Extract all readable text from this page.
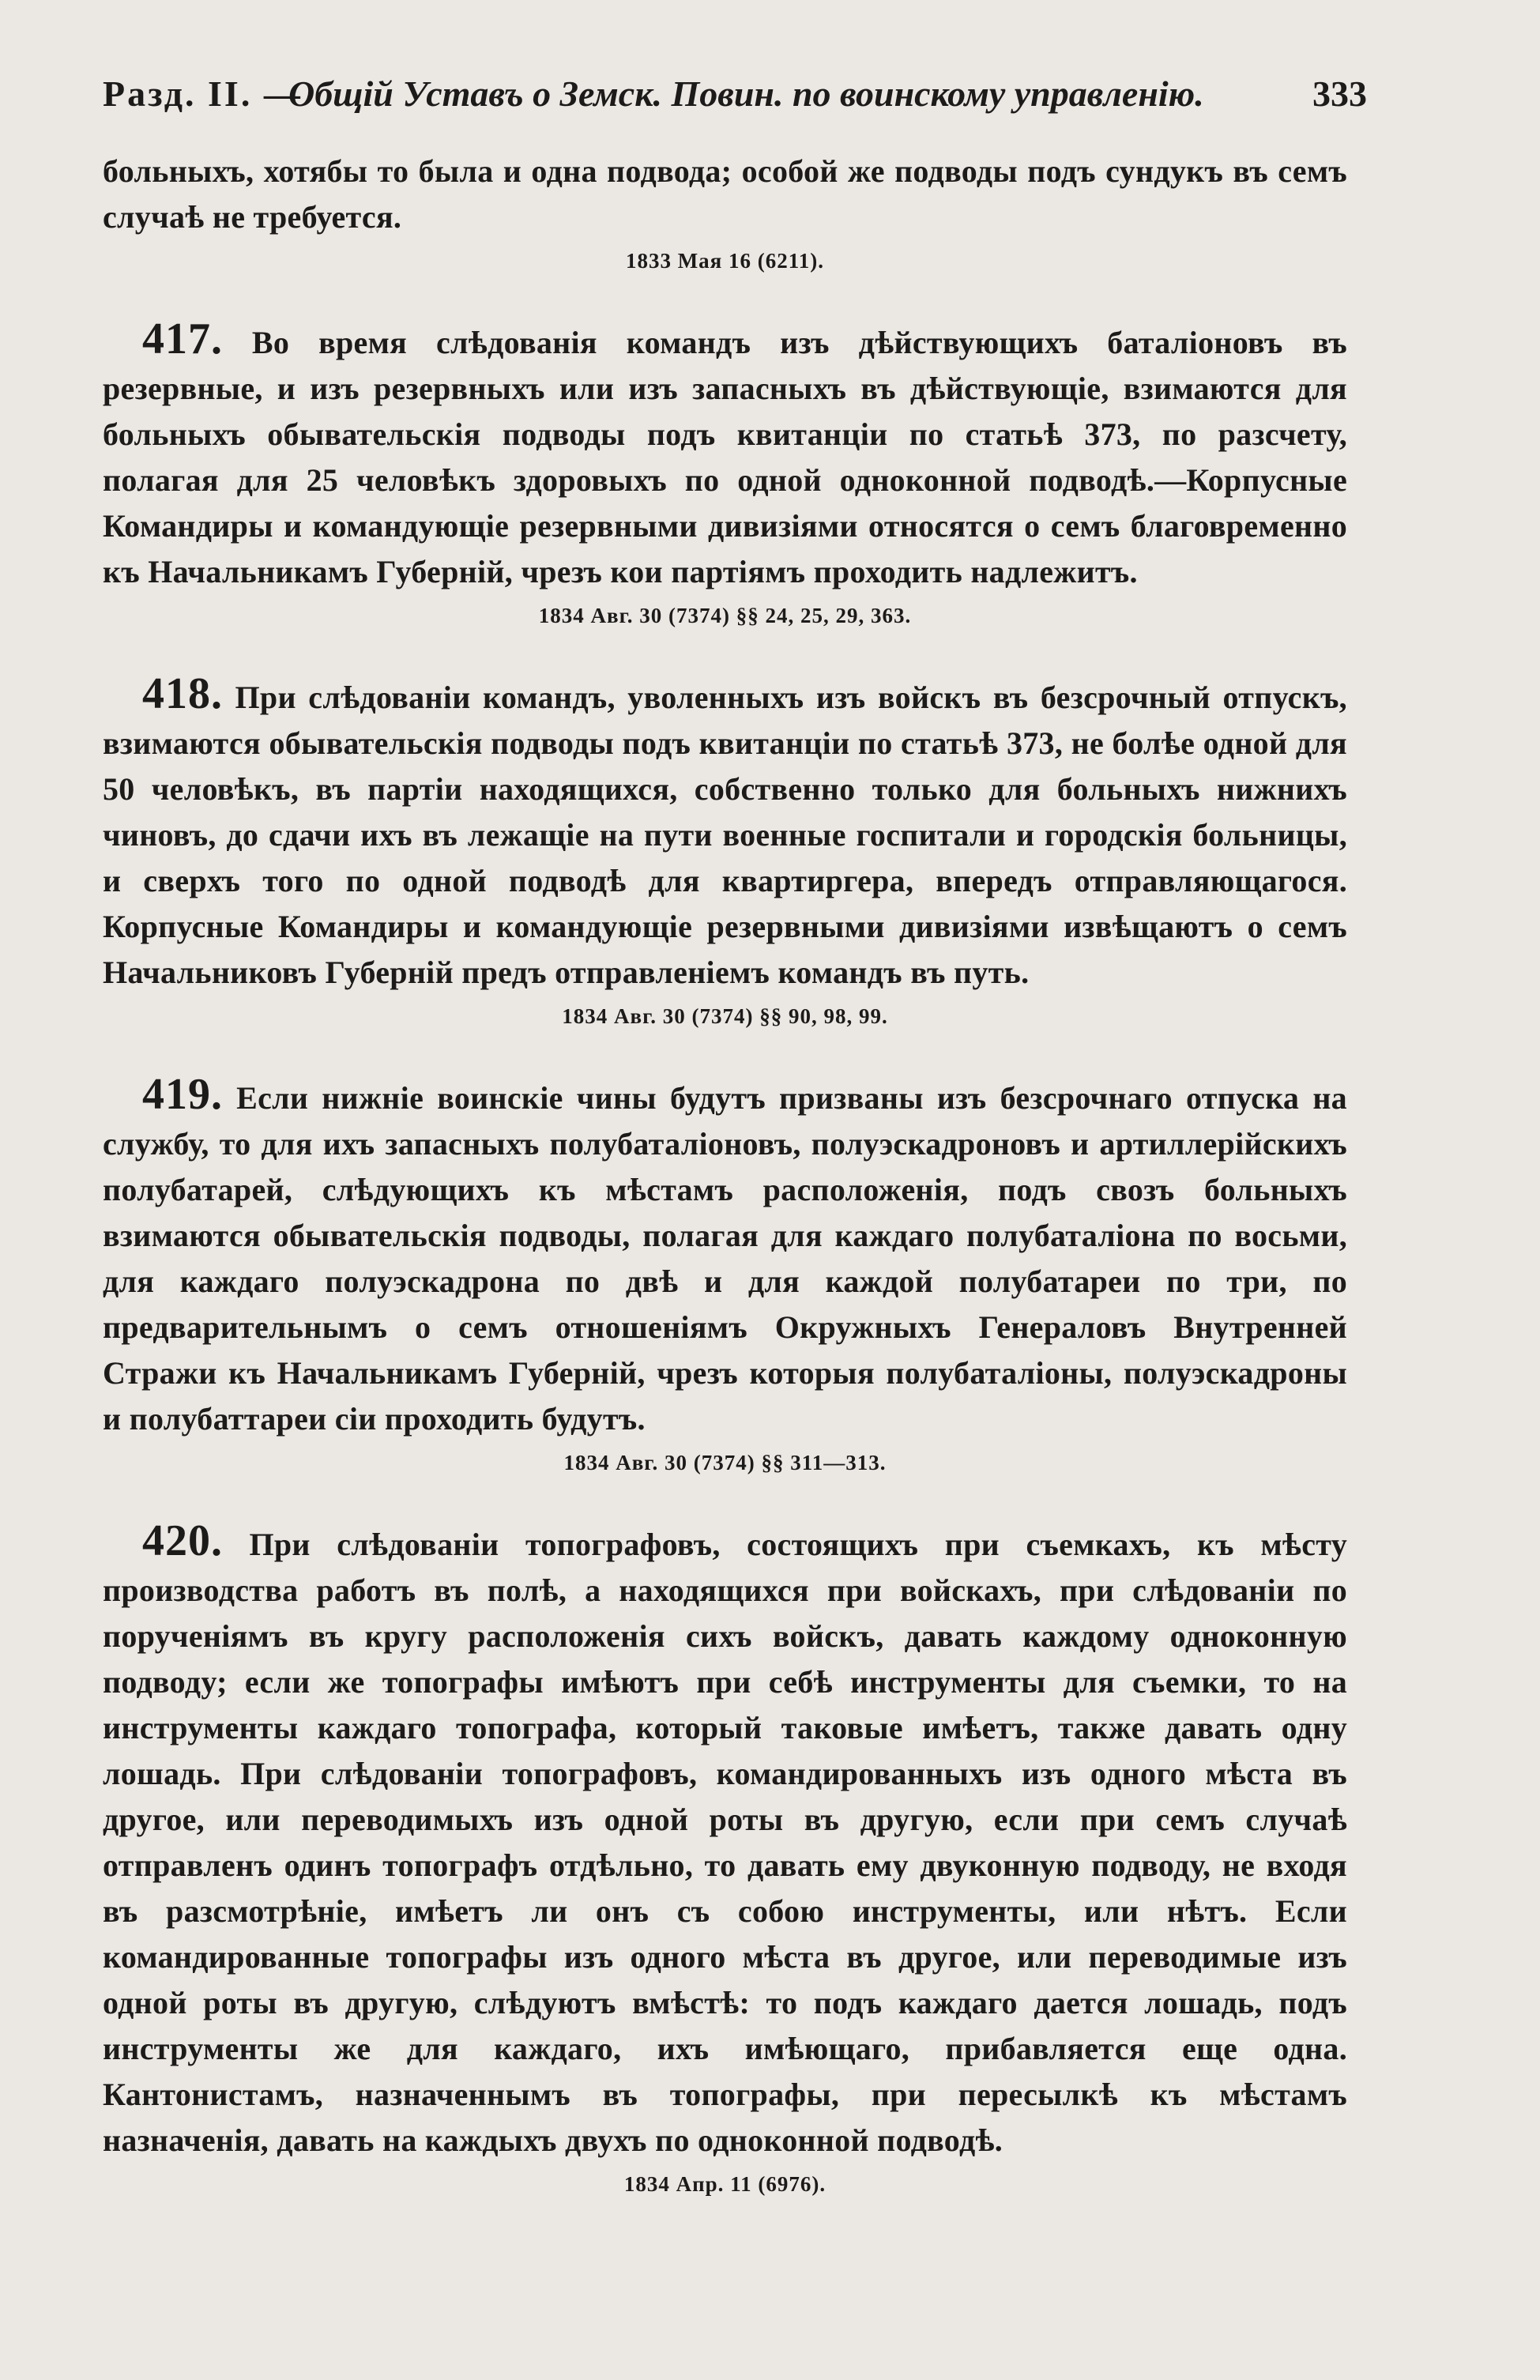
Разд. II. —
Общій Уставъ о Земск. Повин. по воинскому управленію.	333

больныхъ, хотябы то была и одна подвода; особой же подводы подъ сундукъ въ семъ случаѣ не требуется.

1833 Мая 16 (6211).

417. Во время слѣдованія командъ изъ дѣйствующихъ баталіоновъ въ резервные, и изъ резервныхъ или изъ запасныхъ въ дѣйствующіе, взимаются для больныхъ обывательскія подводы подъ квитанціи по статьѣ 373, по разсчету, полагая для 25 человѣкъ здоровыхъ по одной одноконной подводѣ.—Корпусные Командиры и командующіе резервными дивизіями относятся о семъ благовременно къ Начальникамъ Губерній, чрезъ кои партіямъ проходить надлежитъ.

1834 Авг. 30 (7374) §§ 24, 25, 29, 363.

418. При слѣдованіи командъ, уволенныхъ изъ войскъ въ безсрочный отпускъ, взимаются обывательскія подводы подъ квитанціи по статьѣ 373, не болѣе одной для 50 человѣкъ, въ партіи находящихся, собственно только для больныхъ нижнихъ чиновъ, до сдачи ихъ въ лежащіе на пути военные госпитали и городскія больницы, и сверхъ того по одной подводѣ для квартиргера, впередъ отправляющагося. Корпусные Командиры и командующіе резервными дивизіями извѣщаютъ о семъ Начальниковъ Губерній предъ отправленіемъ командъ въ путь.

1834 Авг. 30 (7374) §§ 90, 98, 99.

419. Если нижніе воинскіе чины будутъ призваны изъ безсрочнаго отпуска на службу, то для ихъ запасныхъ полубаталіоновъ, полуэскадроновъ и артиллерійскихъ полубатарей, слѣдующихъ къ мѣстамъ расположенія, подъ свозъ больныхъ взимаются обывательскія подводы, полагая для каждаго полубаталіона по восьми, для каждаго полуэскадрона по двѣ и для каждой полубатареи по три, по предварительнымъ о семъ отношеніямъ Окружныхъ Генераловъ Внутренней Стражи къ Начальникамъ Губерній, чрезъ которыя полубаталіоны, полуэскадроны и полубаттареи сіи проходить будутъ.

1834 Авг. 30 (7374) §§ 311—313.

420. При слѣдованіи топографовъ, состоящихъ при съемкахъ, къ мѣсту производства работъ въ полѣ, а находящихся при войскахъ, при слѣдованіи по порученіямъ въ кругу расположенія сихъ войскъ, давать каждому одноконную подводу; если же топографы имѣютъ при себѣ инструменты для съемки, то на инструменты каждаго топографа, который таковые имѣетъ, также давать одну лошадь. При слѣдованіи топографовъ, командированныхъ изъ одного мѣста въ другое, или переводимыхъ изъ одной роты въ другую, если при семъ случаѣ отправленъ одинъ топографъ отдѣльно, то давать ему двуконную подводу, не входя въ разсмотрѣніе, имѣетъ ли онъ съ собою инструменты, или нѣтъ. Если командированные топографы изъ одного мѣста въ другое, или переводимые изъ одной роты въ другую, слѣдуютъ вмѣстѣ: то подъ каждаго дается лошадь, подъ инструменты же для каждаго, ихъ имѣющаго, прибавляется еще одна. Кантонистамъ, назначеннымъ въ топографы, при пересылкѣ къ мѣстамъ назначенія, давать на каждыхъ двухъ по одноконной подводѣ.

1834 Апр. 11 (6976).
